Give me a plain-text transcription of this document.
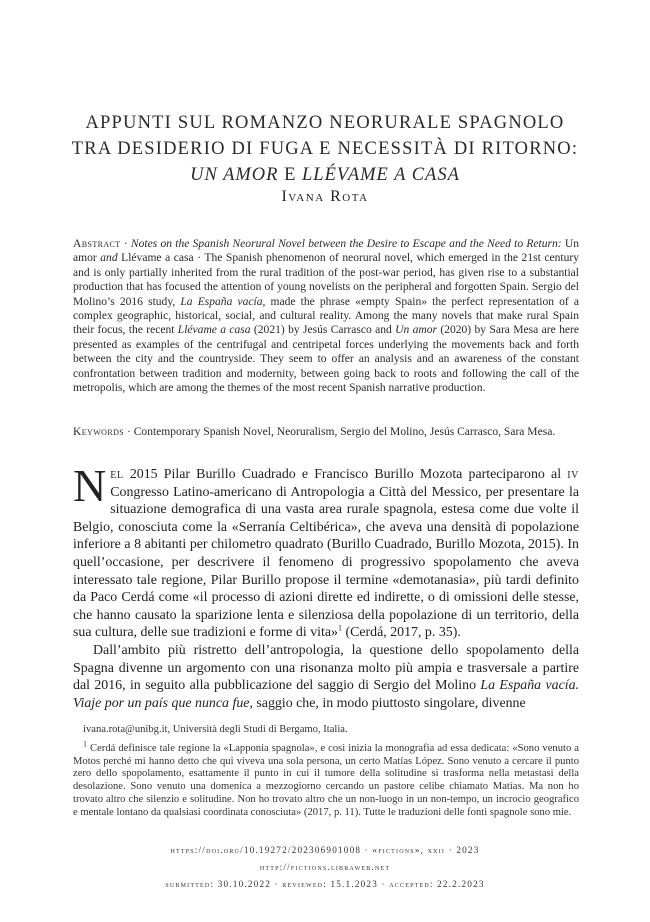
APPUNTI SUL ROMANZO NEORURALE SPAGNOLO
TRA DESIDERIO DI FUGA E NECESSITÀ DI RITORNO:
UN AMOR E LLÉVAME A CASA
Ivana Rota
Abstract · Notes on the Spanish Neorural Novel between the Desire to Escape and the Need to Return: Un amor and Llévame a casa · The Spanish phenomenon of neorural novel, which emerged in the 21st century and is only partially inherited from the rural tradition of the post-war period, has given rise to a substantial production that has focused the attention of young novelists on the peripheral and forgotten Spain. Sergio del Molino’s 2016 study, La España vacía, made the phrase «empty Spain» the perfect representation of a complex geographic, historical, social, and cultural reality. Among the many novels that make rural Spain their focus, the recent Llévame a casa (2021) by Jesús Carrasco and Un amor (2020) by Sara Mesa are here presented as examples of the centrifugal and centripetal forces underlying the movements back and forth between the city and the countryside. They seem to offer an analysis and an awareness of the constant confrontation between tradition and modernity, between going back to roots and following the call of the metropolis, which are among the themes of the most recent Spanish narrative production.
Keywords · Contemporary Spanish Novel, Neoruralism, Sergio del Molino, Jesús Carrasco, Sara Mesa.

Nel 2015 Pilar Burillo Cuadrado e Francisco Burillo Mozota parteciparono al iv Congresso Latino-americano di Antropologia a Città del Messico, per presentare la situazione demografica di una vasta area rurale spagnola, estesa come due volte il Belgio, conosciuta come la «Serranía Celtibérica», che aveva una densità di popolazione inferiore a 8 abitanti per chilometro quadrato (Burillo Cuadrado, Burillo Mozota, 2015). In quell’occasione, per descrivere il fenomeno di progressivo spopolamento che aveva interessato tale regione, Pilar Burillo propose il termine «demotanasia», più tardi definito da Paco Cerdá come «il processo di azioni dirette ed indirette, o di omissioni delle stesse, che hanno causato la sparizione lenta e silenziosa della popolazione di un territorio, della sua cultura, delle sue tradizioni e forme di vita»$^1$ (Cerdá, 2017, p. 35).

Dall’ambito più ristretto dell’antropologia, la questione dello spopolamento della Spagna divenne un argomento con una risonanza molto più ampia e trasversale a partire dal 2016, in seguito alla pubblicazione del saggio di Sergio del Molino La España vacía. Viaje por un país que nunca fue, saggio che, in modo piuttosto singolare, divenne

ivana.rota@unibg.it, Università degli Studi di Bergamo, Italia.
$^1$ Cerdá definisce tale regione la «Lapponia spagnola», e così inizia la monografia ad essa dedicata: «Sono venuto a Motos perché mi hanno detto che qui viveva una sola persona, un certo Matías López. Sono venuto a cercare il punto zero dello spopolamento, esattamente il punto in cui il tumore della solitudine si trasforma nella metastasi della desolazione. Sono venuto una domenica a mezzogiorno cercando un pastore celibe chiamato Matías. Ma non ho trovato altro che silenzio e solitudine. Non ho trovato altro che un non-luogo in un non-tempo, un incrocio geografico e mentale lontano da qualsiasi coordinata conosciuta» (2017, p. 11). Tutte le traduzioni delle fonti spagnole sono mie.
https://doi.org/10.19272/202306901008 · «fictions», xxii · 2023
http://fictions.libraweb.net
submitted: 30.10.2022 · reviewed: 15.1.2023 · accepted: 22.2.2023
